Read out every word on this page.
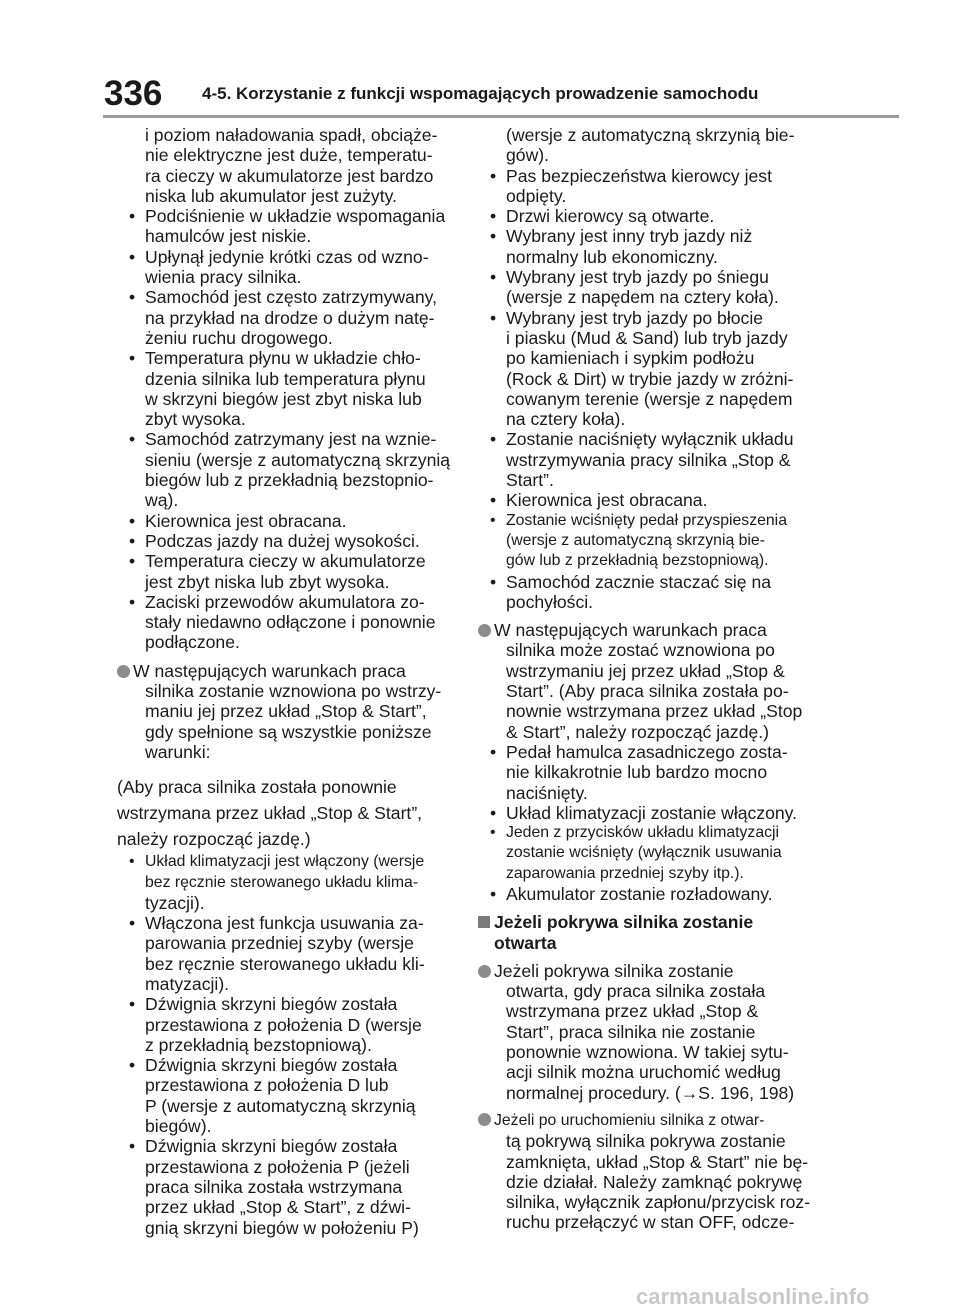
336 4-5. Korzystanie z funkcji wspomagających prowadzenie samochodu
i poziom naładowania spadł, obciąże-
nie elektryczne jest duże, temperatu-
ra cieczy w akumulatorze jest bardzo
niska lub akumulator jest zużyty.
• Podciśnienie w układzie wspomagania
hamulców jest niskie.
• Upłynął jedynie krótki czas od wzno-
wienia pracy silnika.
• Samochód jest często zatrzymywany,
na przykład na drodze o dużym natę-
żeniu ruchu drogowego.
• Temperatura płynu w układzie chło-
dzenia silnika lub temperatura płynu
w skrzyni biegów jest zbyt niska lub
zbyt wysoka.
• Samochód zatrzymany jest na wznie-
sieniu (wersje z automatyczną skrzynią
biegów lub z przekładnią bezstopnio-
wą).
• Kierownica jest obracana.
• Podczas jazdy na dużej wysokości.
• Temperatura cieczy w akumulatorze
jest zbyt niska lub zbyt wysoka.
• Zaciski przewodów akumulatora zo-
stały niedawno odłączone i ponownie
podłączone.
W następujących warunkach praca
silnika zostanie wznowiona po wstrzy-
maniu jej przez układ „Stop & Start”,
gdy spełnione są wszystkie poniższe
warunki:
(Aby praca silnika została ponownie
wstrzymana przez układ „Stop & Start”,
należy rozpocząć jazdę.)
• Układ klimatyzacji jest włączony (wersje
bez ręcznie sterowanego układu klima-
tyzacji).
• Włączona jest funkcja usuwania za-
parowania przedniej szyby (wersje
bez ręcznie sterowanego układu kli-
matyzacji).
• Dźwignia skrzyni biegów została
przestawiona z położenia D (wersje
z przekładnią bezstopniową).
• Dźwignia skrzyni biegów została
przestawiona z położenia D lub
P (wersje z automatyczną skrzynią
biegów).
• Dźwignia skrzyni biegów została
przestawiona z położenia P (jeżeli
praca silnika została wstrzymana
przez układ „Stop & Start”, z dźwi-
gnią skrzyni biegów w położeniu P)
(wersje z automatyczną skrzynią bie-
gów).
• Pas bezpieczeństwa kierowcy jest
odpięty.
• Drzwi kierowcy są otwarte.
• Wybrany jest inny tryb jazdy niż
normalny lub ekonomiczny.
• Wybrany jest tryb jazdy po śniegu
(wersje z napędem na cztery koła).
• Wybrany jest tryb jazdy po błocie
i piasku (Mud & Sand) lub tryb jazdy
po kamieniach i sypkim podłożu
(Rock & Dirt) w trybie jazdy w zróżni-
cowanym terenie (wersje z napędem
na cztery koła).
• Zostanie naciśnięty wyłącznik układu
wstrzymywania pracy silnika „Stop &
Start”.
• Kierownica jest obracana.
• Zostanie wciśnięty pedał przyspieszenia
(wersje z automatyczną skrzynią bie-
gów lub z przekładnią bezstopniową).
• Samochód zacznie staczać się na
pochyłości.
W następujących warunkach praca
silnika może zostać wznowiona po
wstrzymaniu jej przez układ „Stop &
Start”. (Aby praca silnika została po-
nownie wstrzymana przez układ „Stop
& Start”, należy rozpocząć jazdę.)
• Pedał hamulca zasadniczego zosta-
nie kilkakrotnie lub bardzo mocno
naciśnięty.
• Układ klimatyzacji zostanie włączony.
• Jeden z przycisków układu klimatyzacji
zostanie wciśnięty (wyłącznik usuwania
zaparowania przedniej szyby itp.).
• Akumulator zostanie rozładowany.
Jeżeli pokrywa silnika zostanie
otwarta
Jeżeli pokrywa silnika zostanie
otwarta, gdy praca silnika została
wstrzymana przez układ „Stop &
Start”, praca silnika nie zostanie
ponownie wznowiona. W takiej sytu-
acji silnik można uruchomić według
normalnej procedury. (→S. 196, 198)
Jeżeli po uruchomieniu silnika z otwar-
tą pokrywą silnika pokrywa zostanie
zamknięta, układ „Stop & Start” nie bę-
dzie działał. Należy zamknąć pokrywę
silnika, wyłącznik zapłonu/przycisk roz-
ruchu przełączyć w stan OFF, odcze-
carmanualsonline.info
